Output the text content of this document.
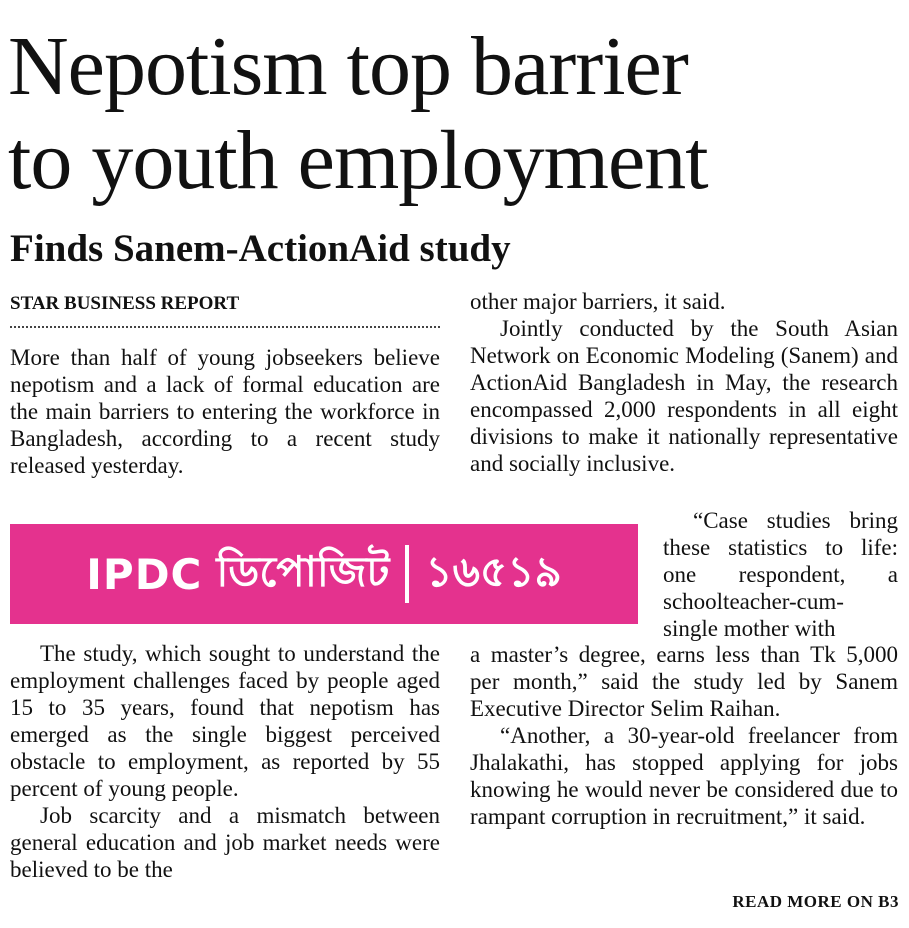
Nepotism top barrier
to youth employment
Finds Sanem-ActionAid study
STAR BUSINESS REPORT

More than half of young jobseekers believe nepotism and a lack of formal education are the main barriers to entering the workforce in Bangladesh, according to a recent study released yesterday.

IPDC ডিপোজিট ১৬৫১৯

The study, which sought to understand the employment challenges faced by people aged 15 to 35 years, found that nepotism has emerged as the single biggest perceived obstacle to employment, as reported by 55 percent of young people.

Job scarcity and a mismatch between general education and job market needs were believed to be the

other major barriers, it said.

Jointly conducted by the South Asian Network on Economic Modeling (Sanem) and ActionAid Bangladesh in May, the research encompassed 2,000 respondents in all eight divisions to make it nationally representative and socially inclusive.

“Case studies bring these statistics to life: one respondent, a schoolteacher-cum-single mother with

a master’s degree, earns less than Tk 5,000 per month,” said the study led by Sanem Executive Director Selim Raihan.

“Another, a 30-year-old freelancer from Jhalakathi, has stopped applying for jobs knowing he would never be considered due to rampant corruption in recruitment,” it said.

READ MORE ON B3
